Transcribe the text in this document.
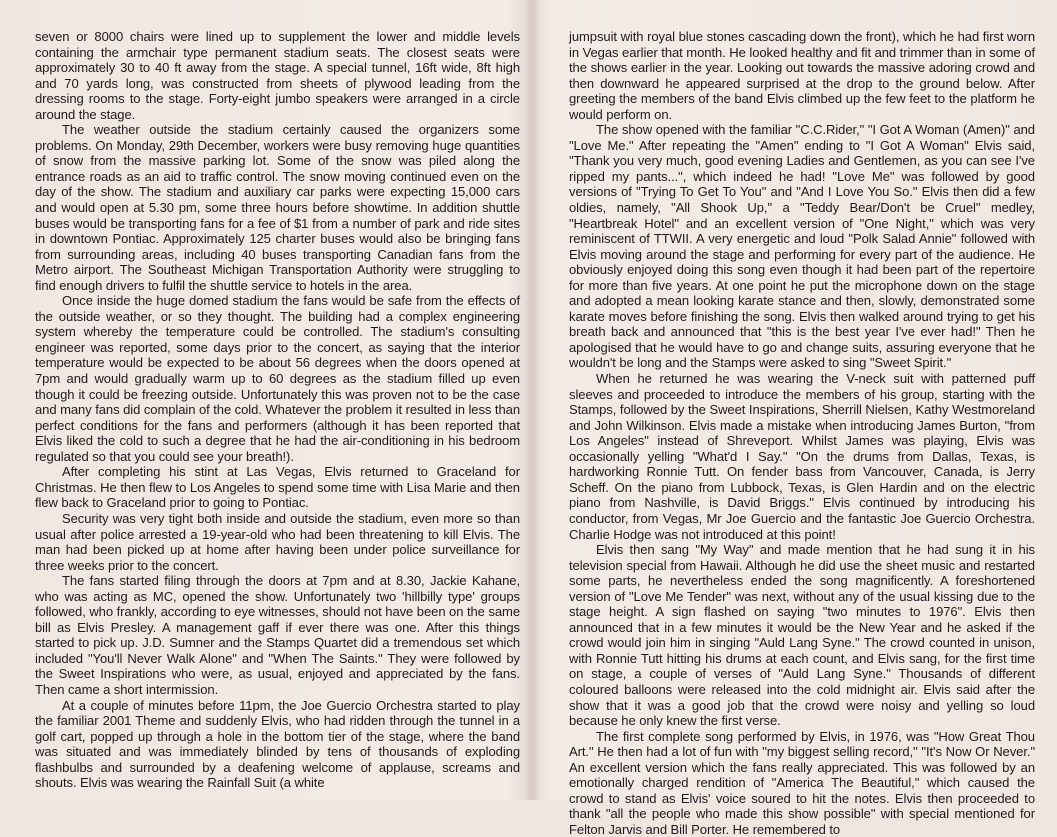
seven or 8000 chairs were lined up to supplement the lower and middle levels containing the armchair type permanent stadium seats. The closest seats were approximately 30 to 40 ft away from the stage. A special tunnel, 16ft wide, 8ft high and 70 yards long, was constructed from sheets of plywood leading from the dressing rooms to the stage. Forty-eight jumbo speakers were arranged in a circle around the stage.

The weather outside the stadium certainly caused the organizers some problems. On Monday, 29th December, workers were busy removing huge quantities of snow from the massive parking lot. Some of the snow was piled along the entrance roads as an aid to traffic control. The snow moving continued even on the day of the show. The stadium and auxiliary car parks were expecting 15,000 cars and would open at 5.30 pm, some three hours before showtime. In addition shuttle buses would be transporting fans for a fee of $1 from a number of park and ride sites in downtown Pontiac. Approximately 125 charter buses would also be bringing fans from surrounding areas, including 40 buses transporting Canadian fans from the Metro airport. The Southeast Michigan Transportation Authority were struggling to find enough drivers to fulfil the shuttle service to hotels in the area.

Once inside the huge domed stadium the fans would be safe from the effects of the outside weather, or so they thought. The building had a complex engineering system whereby the temperature could be controlled. The stadium's consulting engineer was reported, some days prior to the concert, as saying that the interior temperature would be expected to be about 56 degrees when the doors opened at 7pm and would gradually warm up to 60 degrees as the stadium filled up even though it could be freezing outside. Unfortunately this was proven not to be the case and many fans did complain of the cold. Whatever the problem it resulted in less than perfect conditions for the fans and performers (although it has been reported that Elvis liked the cold to such a degree that he had the air-conditioning in his bedroom regulated so that you could see your breath!).

After completing his stint at Las Vegas, Elvis returned to Graceland for Christmas. He then flew to Los Angeles to spend some time with Lisa Marie and then flew back to Graceland prior to going to Pontiac.

Security was very tight both inside and outside the stadium, even more so than usual after police arrested a 19-year-old who had been threatening to kill Elvis. The man had been picked up at home after having been under police surveillance for three weeks prior to the concert.

The fans started filing through the doors at 7pm and at 8.30, Jackie Kahane, who was acting as MC, opened the show. Unfortunately two 'hillbilly type' groups followed, who frankly, according to eye witnesses, should not have been on the same bill as Elvis Presley. A management gaff if ever there was one. After this things started to pick up. J.D. Sumner and the Stamps Quartet did a tremendous set which included "You'll Never Walk Alone" and "When The Saints." They were followed by the Sweet Inspirations who were, as usual, enjoyed and appreciated by the fans. Then came a short intermission.

At a couple of minutes before 11pm, the Joe Guercio Orchestra started to play the familiar 2001 Theme and suddenly Elvis, who had ridden through the tunnel in a golf cart, popped up through a hole in the bottom tier of the stage, where the band was situated and was immediately blinded by tens of thousands of exploding flashbulbs and surrounded by a deafening welcome of applause, screams and shouts. Elvis was wearing the Rainfall Suit (a white

jumpsuit with royal blue stones cascading down the front), which he had first worn in Vegas earlier that month. He looked healthy and fit and trimmer than in some of the shows earlier in the year. Looking out towards the massive adoring crowd and then downward he appeared surprised at the drop to the ground below. After greeting the members of the band Elvis climbed up the few feet to the platform he would perform on.

The show opened with the familiar "C.C.Rider," "I Got A Woman (Amen)" and "Love Me." After repeating the "Amen" ending to "I Got A Woman" Elvis said, "Thank you very much, good evening Ladies and Gentlemen, as you can see I've ripped my pants...", which indeed he had! "Love Me" was followed by good versions of "Trying To Get To You" and "And I Love You So." Elvis then did a few oldies, namely, "All Shook Up," a "Teddy Bear/Don't be Cruel" medley, "Heartbreak Hotel" and an excellent version of "One Night," which was very reminiscent of TTWII. A very energetic and loud "Polk Salad Annie" followed with Elvis moving around the stage and performing for every part of the audience. He obviously enjoyed doing this song even though it had been part of the repertoire for more than five years. At one point he put the microphone down on the stage and adopted a mean looking karate stance and then, slowly, demonstrated some karate moves before finishing the song. Elvis then walked around trying to get his breath back and announced that "this is the best year I've ever had!" Then he apologised that he would have to go and change suits, assuring everyone that he wouldn't be long and the Stamps were asked to sing "Sweet Spirit."

When he returned he was wearing the V-neck suit with patterned puff sleeves and proceeded to introduce the members of his group, starting with the Stamps, followed by the Sweet Inspirations, Sherrill Nielsen, Kathy Westmoreland and John Wilkinson. Elvis made a mistake when introducing James Burton, "from Los Angeles" instead of Shreveport. Whilst James was playing, Elvis was occasionally yelling "What'd I Say." "On the drums from Dallas, Texas, is hardworking Ronnie Tutt. On fender bass from Vancouver, Canada, is Jerry Scheff. On the piano from Lubbock, Texas, is Glen Hardin and on the electric piano from Nashville, is David Briggs." Elvis continued by introducing his conductor, from Vegas, Mr Joe Guercio and the fantastic Joe Guercio Orchestra. Charlie Hodge was not introduced at this point!

Elvis then sang "My Way" and made mention that he had sung it in his television special from Hawaii. Although he did use the sheet music and restarted some parts, he nevertheless ended the song magnificently. A foreshortened version of "Love Me Tender" was next, without any of the usual kissing due to the stage height. A sign flashed on saying "two minutes to 1976". Elvis then announced that in a few minutes it would be the New Year and he asked if the crowd would join him in singing "Auld Lang Syne." The crowd counted in unison, with Ronnie Tutt hitting his drums at each count, and Elvis sang, for the first time on stage, a couple of verses of "Auld Lang Syne." Thousands of different coloured balloons were released into the cold midnight air. Elvis said after the show that it was a good job that the crowd were noisy and yelling so loud because he only knew the first verse.

The first complete song performed by Elvis, in 1976, was "How Great Thou Art." He then had a lot of fun with "my biggest selling record," "It's Now Or Never." An excellent version which the fans really appreciated. This was followed by an emotionally charged rendition of "America The Beautiful," which caused the crowd to stand as Elvis' voice soured to hit the notes. Elvis then proceeded to thank "all the people who made this show possible" with special mentioned for Felton Jarvis and Bill Porter. He remembered to
